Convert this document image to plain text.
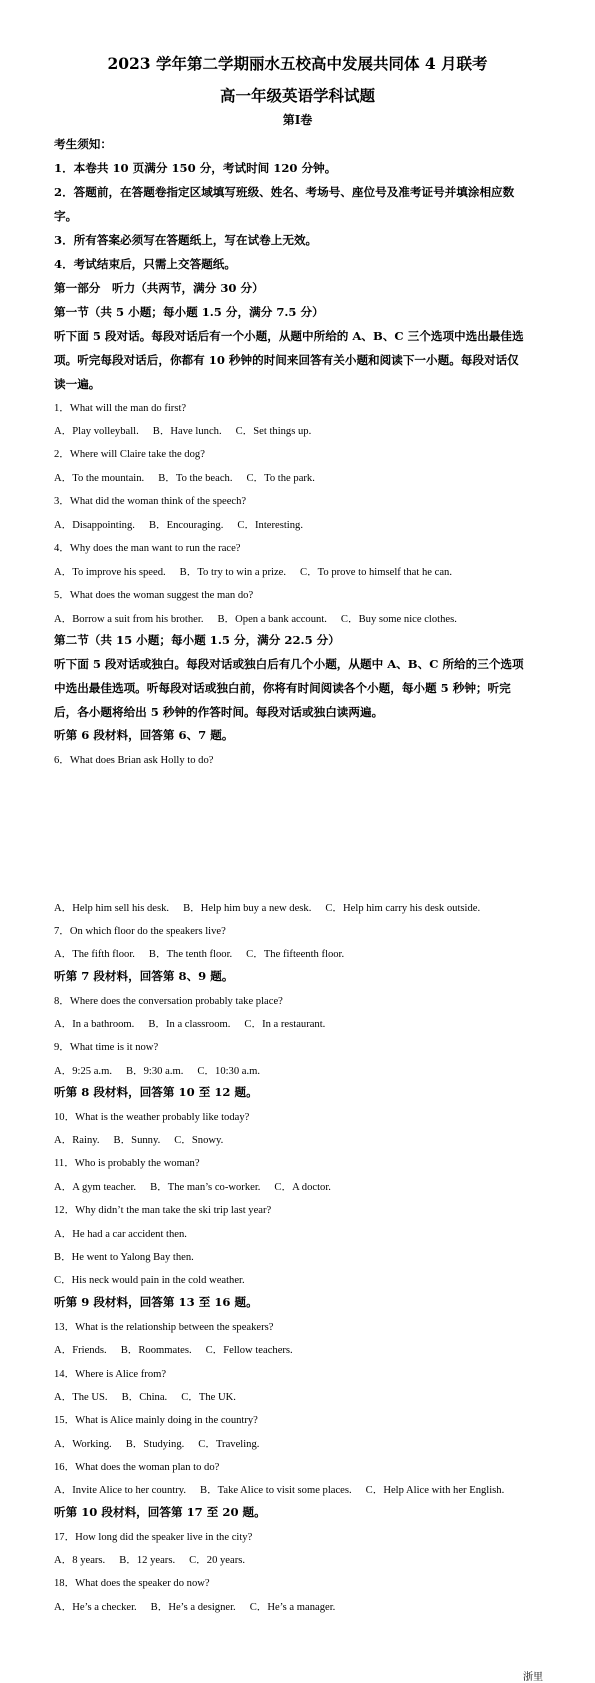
2023 学年第二学期丽水五校高中发展共同体 4 月联考
高一年级英语学科试题
第Ⅰ卷
考生须知：
1．本卷共 10 页满分 150 分，考试时间 120 分钟。
2．答题前，在答题卷指定区域填写班级、姓名、考场号、座位号及准考证号并填涂相应数
字。
3．所有答案必须写在答题纸上，写在试卷上无效。
4．考试结束后，只需上交答题纸。
第一部分　听力（共两节，满分 30 分）
第一节（共 5 小题；每小题 1.5 分，满分 7.5 分）
听下面 5 段对话。每段对话后有一个小题，从题中所给的 A、B、C 三个选项中选出最佳选
项。听完每段对话后，你都有 10 秒钟的时间来回答有关小题和阅读下一小题。每段对话仅
读一遍。
1．What will the man do first?
A．Play volleyball. B．Have lunch. C．Set things up.
2．Where will Claire take the dog?
A．To the mountain. B．To the beach. C．To the park.
3．What did the woman think of the speech?
A．Disappointing. B．Encouraging. C．Interesting.
4．Why does the man want to run the race?
A．To improve his speed. B．To try to win a prize. C．To prove to himself that he can.
5．What does the woman suggest the man do?
A．Borrow a suit from his brother. B．Open a bank account. C．Buy some nice clothes.
第二节（共 15 小题；每小题 1.5 分，满分 22.5 分）
听下面 5 段对话或独白。每段对话或独白后有几个小题，从题中 A、B、C 所给的三个选项
中选出最佳选项。听每段对话或独白前，你将有时间阅读各个小题，每小题 5 秒钟；听完
后，各小题将给出 5 秒钟的作答时间。每段对话或独白读两遍。
听第 6 段材料，回答第 6、7 题。
6．What does Brian ask Holly to do?
A．Help him sell his desk. B．Help him buy a new desk. C．Help him carry his desk outside.
7．On which floor do the speakers live?
A．The fifth floor. B．The tenth floor. C．The fifteenth floor.
听第 7 段材料，回答第 8、9 题。
8．Where does the conversation probably take place?
A．In a bathroom. B．In a classroom. C．In a restaurant.
9．What time is it now?
A．9:25 a.m. B．9:30 a.m. C．10:30 a.m.
听第 8 段材料，回答第 10 至 12 题。
10．What is the weather probably like today?
A．Rainy. B．Sunny. C．Snowy.
11．Who is probably the woman?
A．A gym teacher. B．The man’s co-worker. C．A doctor.
12．Why didn’t the man take the ski trip last year?
A．He had a car accident then.
B．He went to Yalong Bay then.
C．His neck would pain in the cold weather.
听第 9 段材料，回答第 13 至 16 题。
13．What is the relationship between the speakers?
A．Friends. B．Roommates. C．Fellow teachers.
14．Where is Alice from?
A．The US. B．China. C．The UK.
15．What is Alice mainly doing in the country?
A．Working. B．Studying. C．Traveling.
16．What does the woman plan to do?
A．Invite Alice to her country. B．Take Alice to visit some places. C．Help Alice with her English.
听第 10 段材料，回答第 17 至 20 题。
17．How long did the speaker live in the city?
A．8 years. B．12 years. C．20 years.
18．What does the speaker do now?
A．He’s a checker. B．He’s a designer. C．He’s a manager.
浙里
